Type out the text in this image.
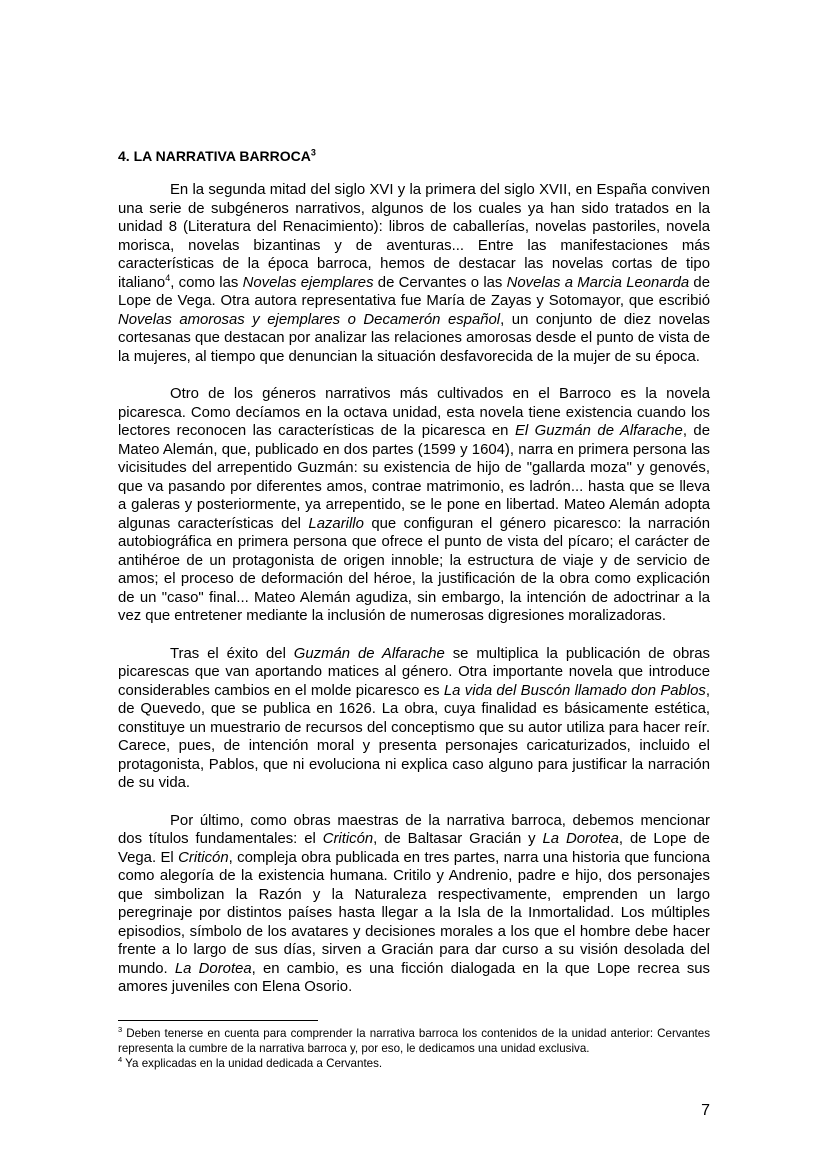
4. LA NARRATIVA BARROCA$^3$

En la segunda mitad del siglo XVI y la primera del siglo XVII, en España conviven una serie de subgéneros narrativos, algunos de los cuales ya han sido tratados en la unidad 8 (Literatura del Renacimiento): libros de caballerías, novelas pastoriles, novela morisca, novelas bizantinas y de aventuras... Entre las manifestaciones más características de la época barroca, hemos de destacar las novelas cortas de tipo italiano$^4$, como las Novelas ejemplares de Cervantes o las Novelas a Marcia Leonarda de Lope de Vega. Otra autora representativa fue María de Zayas y Sotomayor, que escribió Novelas amorosas y ejemplares o Decamerón español, un conjunto de diez novelas cortesanas que destacan por analizar las relaciones amorosas desde el punto de vista de la mujeres, al tiempo que denuncian la situación desfavorecida de la mujer de su época.

Otro de los géneros narrativos más cultivados en el Barroco es la novela picaresca. Como decíamos en la octava unidad, esta novela tiene existencia cuando los lectores reconocen las características de la picaresca en El Guzmán de Alfarache, de Mateo Alemán, que, publicado en dos partes (1599 y 1604), narra en primera persona las vicisitudes del arrepentido Guzmán: su existencia de hijo de "gallarda moza" y genovés, que va pasando por diferentes amos, contrae matrimonio, es ladrón... hasta que se lleva a galeras y posteriormente, ya arrepentido, se le pone en libertad. Mateo Alemán adopta algunas características del Lazarillo que configuran el género picaresco: la narración autobiográfica en primera persona que ofrece el punto de vista del pícaro; el carácter de antihéroe de un protagonista de origen innoble; la estructura de viaje y de servicio de amos; el proceso de deformación del héroe, la justificación de la obra como explicación de un "caso" final... Mateo Alemán agudiza, sin embargo, la intención de adoctrinar a la vez que entretener mediante la inclusión de numerosas digresiones moralizadoras.

Tras el éxito del Guzmán de Alfarache se multiplica la publicación de obras picarescas que van aportando matices al género. Otra importante novela que introduce considerables cambios en el molde picaresco es La vida del Buscón llamado don Pablos, de Quevedo, que se publica en 1626. La obra, cuya finalidad es básicamente estética, constituye un muestrario de recursos del conceptismo que su autor utiliza para hacer reír. Carece, pues, de intención moral y presenta personajes caricaturizados, incluido el protagonista, Pablos, que ni evoluciona ni explica caso alguno para justificar la narración de su vida.

Por último, como obras maestras de la narrativa barroca, debemos mencionar dos títulos fundamentales: el Criticón, de Baltasar Gracián y La Dorotea, de Lope de Vega. El Criticón, compleja obra publicada en tres partes, narra una historia que funciona como alegoría de la existencia humana. Critilo y Andrenio, padre e hijo, dos personajes que simbolizan la Razón y la Naturaleza respectivamente, emprenden un largo peregrinaje por distintos países hasta llegar a la Isla de la Inmortalidad. Los múltiples episodios, símbolo de los avatares y decisiones morales a los que el hombre debe hacer frente a lo largo de sus días, sirven a Gracián para dar curso a su visión desolada del mundo. La Dorotea, en cambio, es una ficción dialogada en la que Lope recrea sus amores juveniles con Elena Osorio.

$^3$ Deben tenerse en cuenta para comprender la narrativa barroca los contenidos de la unidad anterior: Cervantes representa la cumbre de la narrativa barroca y, por eso, le dedicamos una unidad exclusiva.

$^4$ Ya explicadas en la unidad dedicada a Cervantes.

7
